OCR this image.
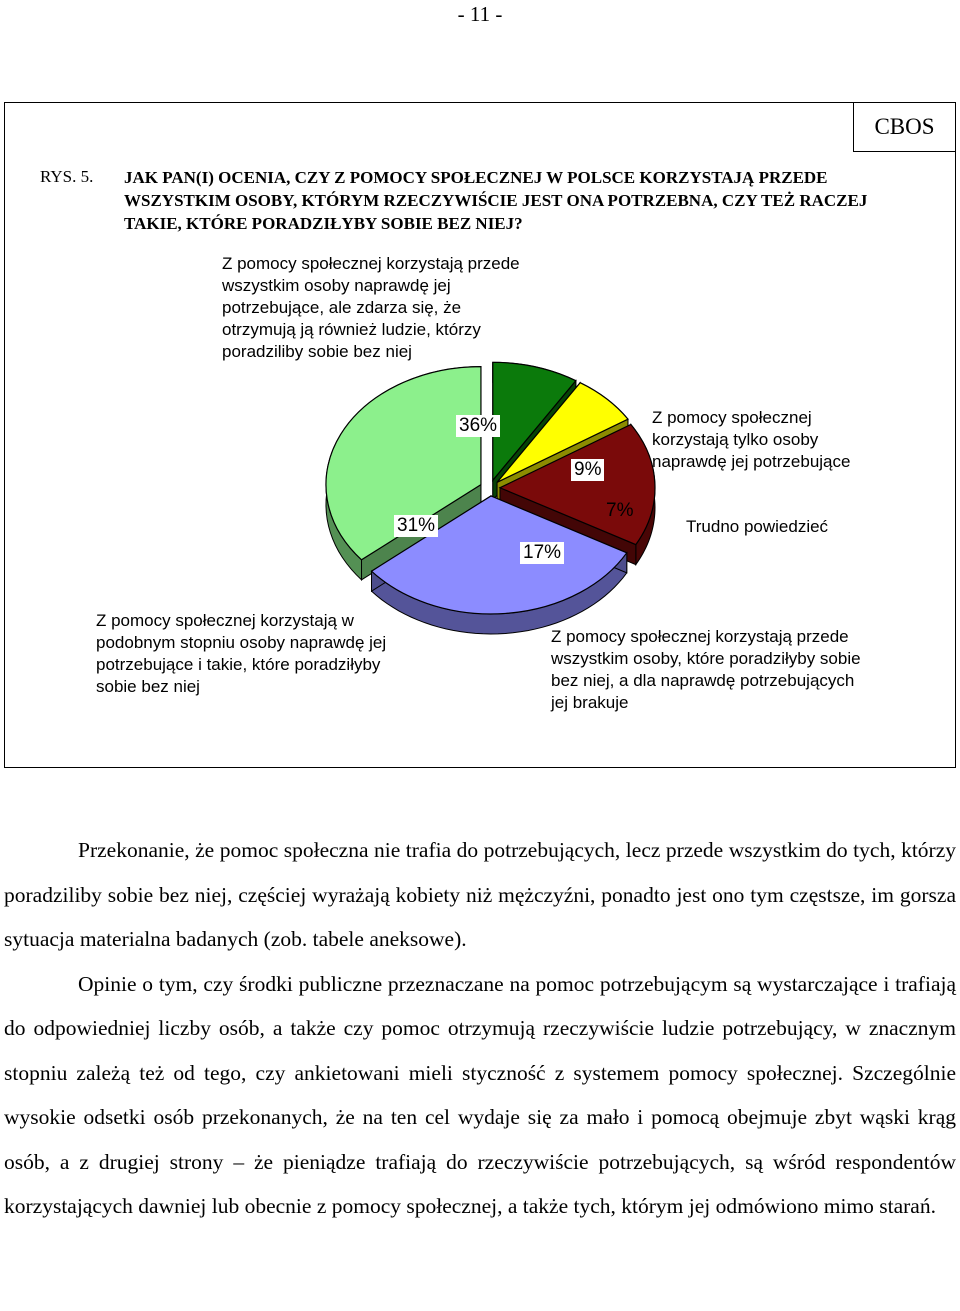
- 11 -
CBOS
RYS. 5. JAK PAN(I) OCENIA, CZY Z POMOCY SPOŁECZNEJ W POLSCE KORZYSTAJĄ PRZEDE WSZYSTKIM OSOBY, KTÓRYM RZECZYWIŚCIE JEST ONA POTRZEBNA, CZY TEŻ RACZEJ TAKIE, KTÓRE PORADZIŁYBY SOBIE BEZ NIEJ?
36%
9%
7%
17%
31%
Z pomocy społecznej korzystają przede wszystkim osoby naprawdę jej potrzebujące, ale zdarza się, że otrzymują ją również ludzie, którzy poradziliby sobie bez niej
Z pomocy społecznej korzystają tylko osoby naprawdę jej potrzebujące
Trudno powiedzieć
Z pomocy społecznej korzystają w podobnym stopniu osoby naprawdę jej potrzebujące i takie, które poradziłyby sobie bez niej
Z pomocy społecznej korzystają przede wszystkim osoby, które poradziłyby sobie bez niej, a dla naprawdę potrzebujących jej brakuje

Przekonanie, że pomoc społeczna nie trafia do potrzebujących, lecz przede wszystkim do tych, którzy poradziliby sobie bez niej, częściej wyrażają kobiety niż mężczyźni, ponadto jest ono tym częstsze, im gorsza sytuacja materialna badanych (zob. tabele aneksowe).

Opinie o tym, czy środki publiczne przeznaczane na pomoc potrzebującym są wystarczające i trafiają do odpowiedniej liczby osób, a także czy pomoc otrzymują rzeczywiście ludzie potrzebujący, w znacznym stopniu zależą też od tego, czy ankietowani mieli styczność z systemem pomocy społecznej. Szczególnie wysokie odsetki osób przekonanych, że na ten cel wydaje się za mało i pomocą obejmuje zbyt wąski krąg osób, a z drugiej strony – że pieniądze trafiają do rzeczywiście potrzebujących, są wśród respondentów korzystających dawniej lub obecnie z pomocy społecznej, a także tych, którym jej odmówiono mimo starań.
